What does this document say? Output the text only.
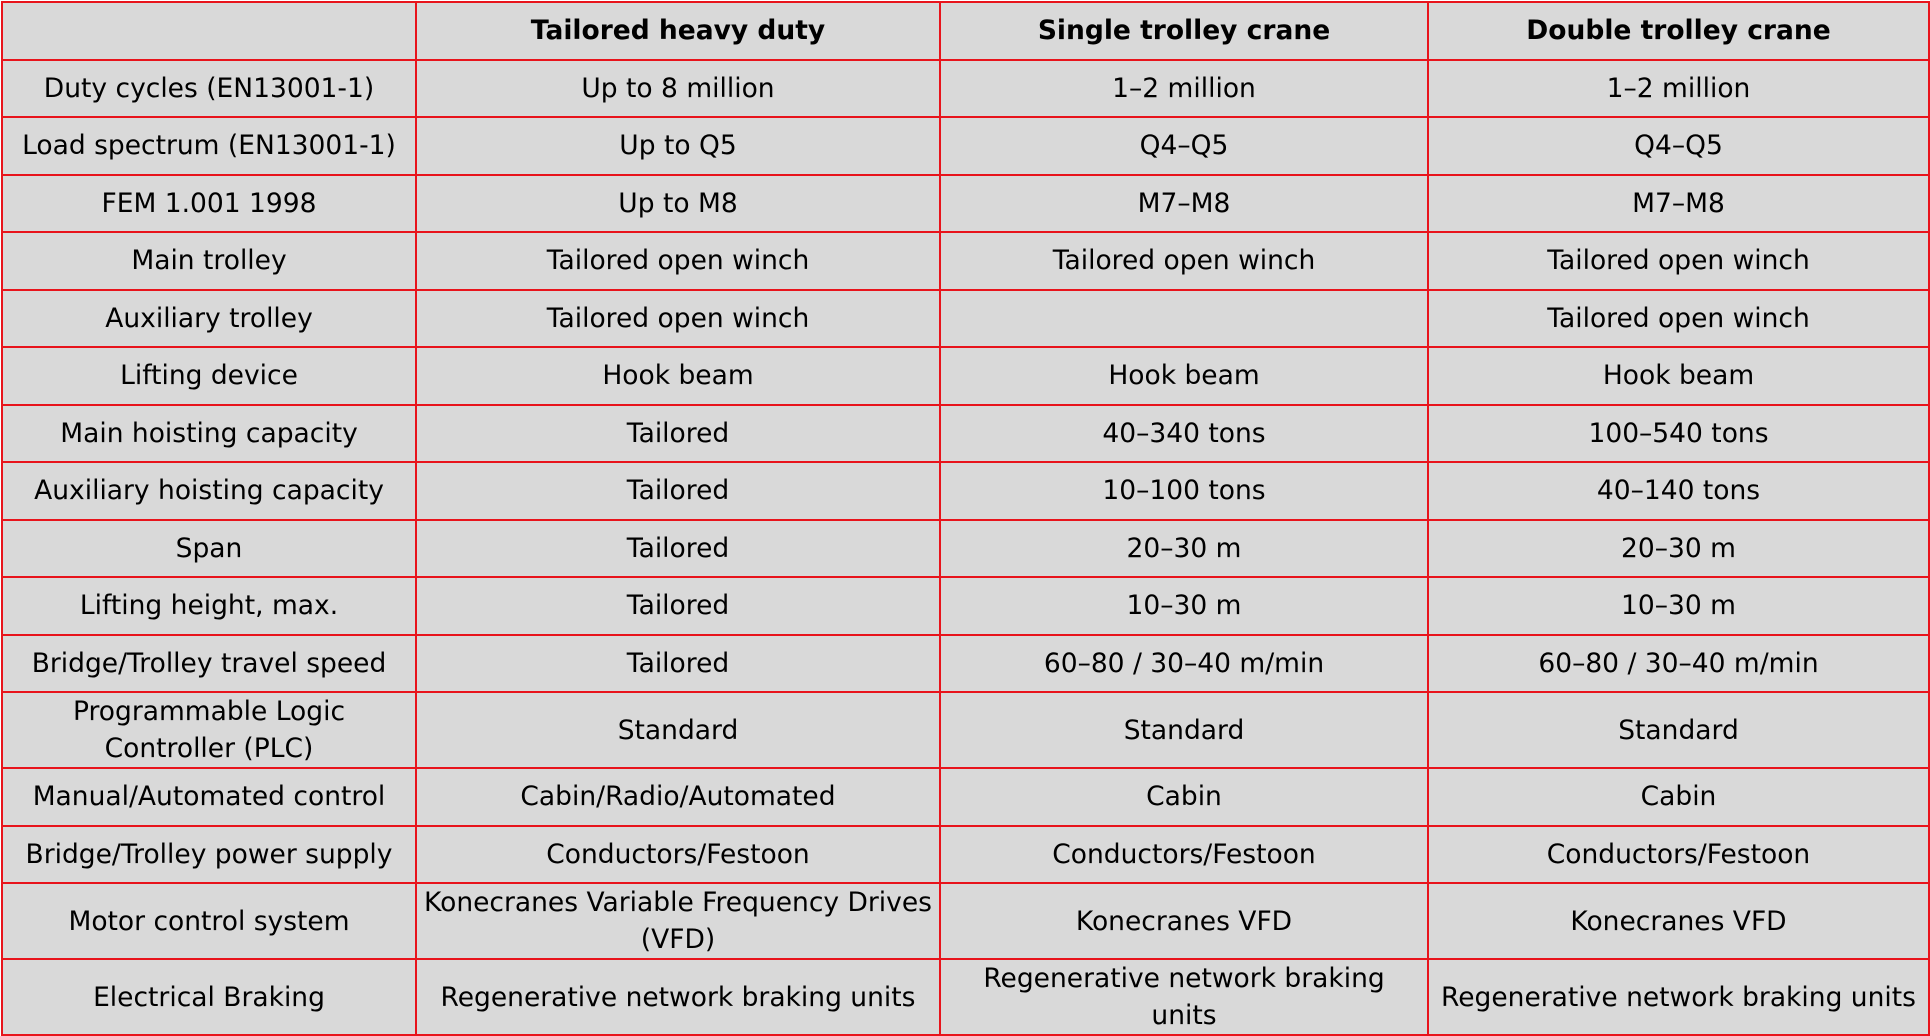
	Tailored heavy duty	Single trolley crane	Double trolley crane
Duty cycles (EN13001-1)	Up to 8 million	1–2 million	1–2 million
Load spectrum (EN13001-1)	Up to Q5	Q4–Q5	Q4–Q5
FEM 1.001 1998	Up to M8	M7–M8	M7–M8
Main trolley	Tailored open winch	Tailored open winch	Tailored open winch
Auxiliary trolley	Tailored open winch		Tailored open winch
Lifting device	Hook beam	Hook beam	Hook beam
Main hoisting capacity	Tailored	40–340 tons	100–540 tons
Auxiliary hoisting capacity	Tailored	10–100 tons	40–140 tons
Span	Tailored	20–30 m	20–30 m
Lifting height, max.	Tailored	10–30 m	10–30 m
Bridge/Trolley travel speed	Tailored	60–80 / 30–40 m/min	60–80 / 30–40 m/min
Programmable Logic Controller (PLC)	Standard	Standard	Standard
Manual/Automated control	Cabin/Radio/Automated	Cabin	Cabin
Bridge/Trolley power supply	Conductors/Festoon	Conductors/Festoon	Conductors/Festoon
Motor control system	Konecranes Variable Frequency Drives (VFD)	Konecranes VFD	Konecranes VFD
Electrical Braking	Regenerative network braking units	Regenerative network braking units	Regenerative network braking units
